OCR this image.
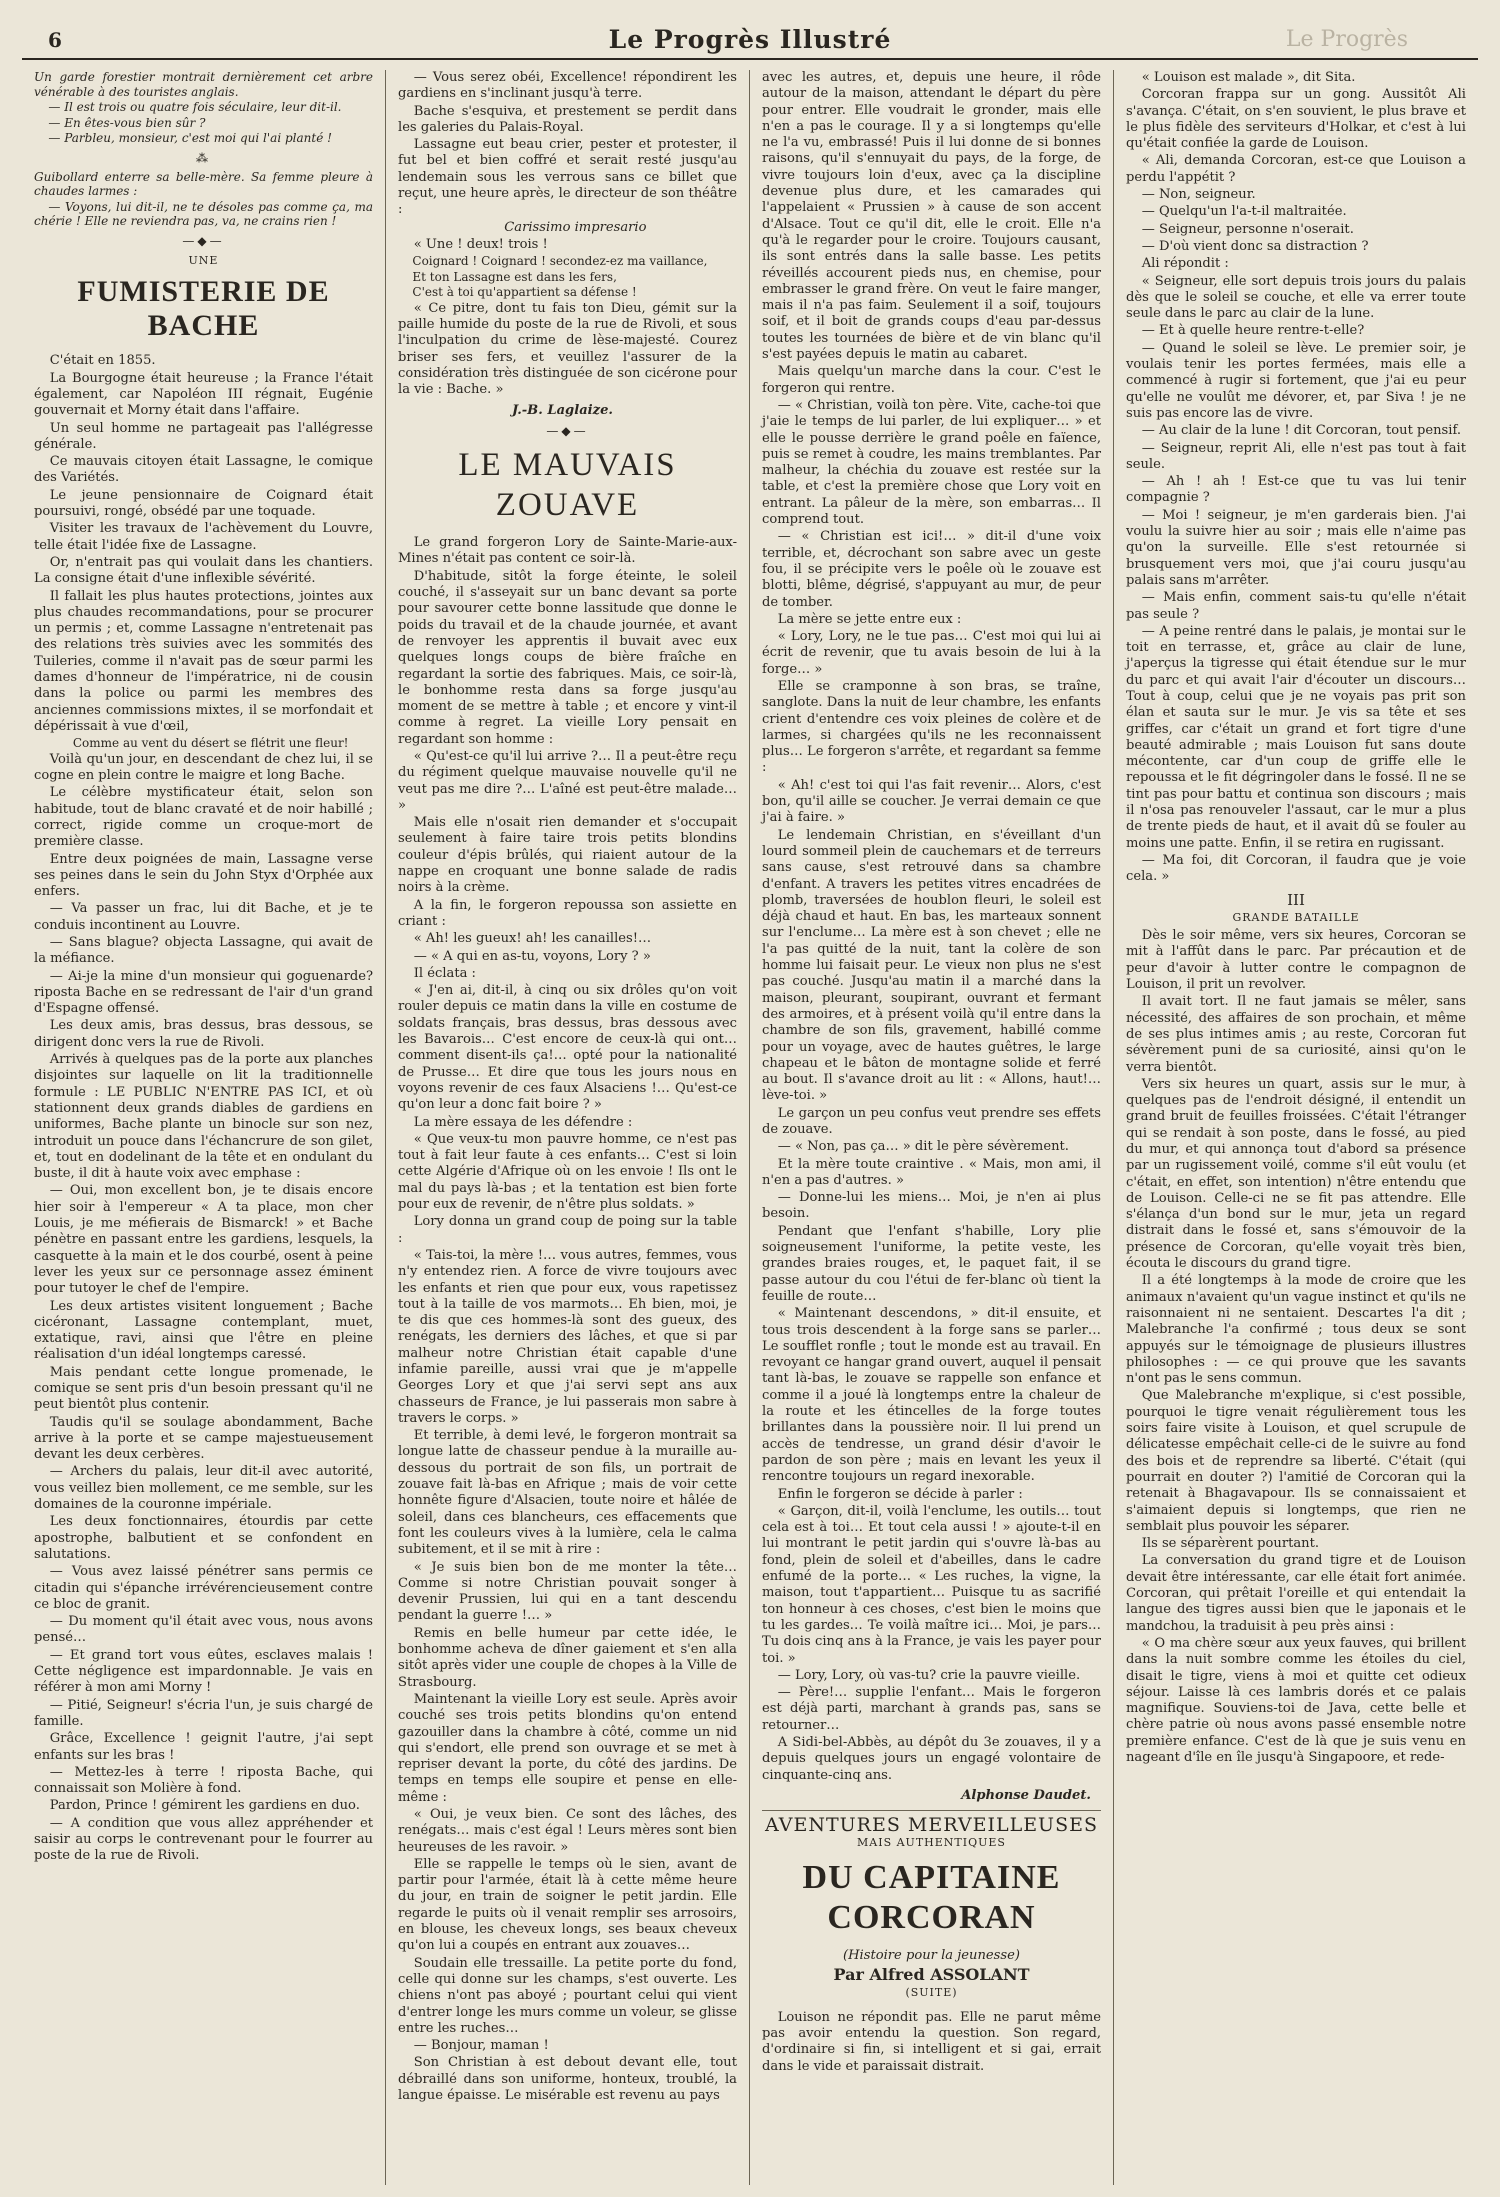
6	Le Progrès Illustré	Le Progrès

Un garde forestier montrait dernièrement cet arbre vénérable à des touristes anglais.

— Il est trois ou quatre fois séculaire, leur dit-il.

— En êtes-vous bien sûr ?

— Parbleu, monsieur, c'est moi qui l'ai planté !

⁂

Guibollard enterre sa belle-mère. Sa femme pleure à chaudes larmes :

— Voyons, lui dit-il, ne te désoles pas comme ça, ma chérie ! Elle ne reviendra pas, va, ne crains rien !

—◆—
UNE
FUMISTERIE DE BACHE

C'était en 1855.

La Bourgogne était heureuse ; la France l'était également, car Napoléon III régnait, Eugénie gouvernait et Morny était dans l'affaire.

Un seul homme ne partageait pas l'allégresse générale.

Ce mauvais citoyen était Lassagne, le comique des Variétés.

Le jeune pensionnaire de Coignard était poursuivi, rongé, obsédé par une toquade.

Visiter les travaux de l'achèvement du Louvre, telle était l'idée fixe de Lassagne.

Or, n'entrait pas qui voulait dans les chantiers. La consigne était d'une inflexible sévérité.

Il fallait les plus hautes protections, jointes aux plus chaudes recommandations, pour se procurer un permis ; et, comme Lassagne n'entretenait pas des relations très suivies avec les sommités des Tuileries, comme il n'avait pas de sœur parmi les dames d'honneur de l'impératrice, ni de cousin dans la police ou parmi les membres des anciennes commissions mixtes, il se morfondait et dépérissait à vue d'œil,

Comme au vent du désert se flétrit une fleur!

Voilà qu'un jour, en descendant de chez lui, il se cogne en plein contre le maigre et long Bache.

Le célèbre mystificateur était, selon son habitude, tout de blanc cravaté et de noir habillé ; correct, rigide comme un croque-mort de première classe.

Entre deux poignées de main, Lassagne verse ses peines dans le sein du John Styx d'Orphée aux enfers.

— Va passer un frac, lui dit Bache, et je te conduis incontinent au Louvre.

— Sans blague? objecta Lassagne, qui avait de la méfiance.

— Ai-je la mine d'un monsieur qui goguenarde? riposta Bache en se redressant de l'air d'un grand d'Espagne offensé.

Les deux amis, bras dessus, bras dessous, se dirigent donc vers la rue de Rivoli.

Arrivés à quelques pas de la porte aux planches disjointes sur laquelle on lit la traditionnelle formule : LE PUBLIC N'ENTRE PAS ICI, et où stationnent deux grands diables de gardiens en uniformes, Bache plante un binocle sur son nez, introduit un pouce dans l'échancrure de son gilet, et, tout en dodelinant de la tête et en ondulant du buste, il dit à haute voix avec emphase :

— Oui, mon excellent bon, je te disais encore hier soir à l'empereur « A ta place, mon cher Louis, je me méfierais de Bismarck! » et Bache pénètre en passant entre les gardiens, lesquels, la casquette à la main et le dos courbé, osent à peine lever les yeux sur ce personnage assez éminent pour tutoyer le chef de l'empire.

Les deux artistes visitent longuement ; Bache cicéronant, Lassagne contemplant, muet, extatique, ravi, ainsi que l'être en pleine réalisation d'un idéal longtemps caressé.

Mais pendant cette longue promenade, le comique se sent pris d'un besoin pressant qu'il ne peut bientôt plus contenir.

Taudis qu'il se soulage abondamment, Bache arrive à la porte et se campe majestueusement devant les deux cerbères.

— Archers du palais, leur dit-il avec autorité, vous veillez bien mollement, ce me semble, sur les domaines de la couronne impériale.

Les deux fonctionnaires, étourdis par cette apostrophe, balbutient et se confondent en salutations.

— Vous avez laissé pénétrer sans permis ce citadin qui s'épanche irrévérencieusement contre ce bloc de granit.

— Du moment qu'il était avec vous, nous avons pensé…

— Et grand tort vous eûtes, esclaves malais ! Cette négligence est impardonnable. Je vais en référer à mon ami Morny !

— Pitié, Seigneur! s'écria l'un, je suis chargé de famille.

Grâce, Excellence ! geignit l'autre, j'ai sept enfants sur les bras !

— Mettez-les à terre ! riposta Bache, qui connaissait son Molière à fond.

Pardon, Prince ! gémirent les gardiens en duo.

— A condition que vous allez appréhender et saisir au corps le contrevenant pour le fourrer au poste de la rue de Rivoli.

— Vous serez obéi, Excellence! répondirent les gardiens en s'inclinant jusqu'à terre.

Bache s'esquiva, et prestement se perdit dans les galeries du Palais-Royal.

Lassagne eut beau crier, pester et protester, il fut bel et bien coffré et serait resté jusqu'au lendemain sous les verrous sans ce billet que reçut, une heure après, le directeur de son théâtre :

Carissimo impresario

« Une ! deux! trois !

Coignard ! Coignard ! secondez-ez ma vaillance,

Et ton Lassagne est dans les fers,

C'est à toi qu'appartient sa défense !

« Ce pitre, dont tu fais ton Dieu, gémit sur la paille humide du poste de la rue de Rivoli, et sous l'inculpation du crime de lèse-majesté. Courez briser ses fers, et veuillez l'assurer de la considération très distinguée de son cicérone pour la vie : Bache. »

J.-B. Laglaize.
—◆—
LE MAUVAIS ZOUAVE

Le grand forgeron Lory de Sainte-Marie-aux-Mines n'était pas content ce soir-là.

D'habitude, sitôt la forge éteinte, le soleil couché, il s'asseyait sur un banc devant sa porte pour savourer cette bonne lassitude que donne le poids du travail et de la chaude journée, et avant de renvoyer les apprentis il buvait avec eux quelques longs coups de bière fraîche en regardant la sortie des fabriques. Mais, ce soir-là, le bonhomme resta dans sa forge jusqu'au moment de se mettre à table ; et encore y vint-il comme à regret. La vieille Lory pensait en regardant son homme :

« Qu'est-ce qu'il lui arrive ?… Il a peut-être reçu du régiment quelque mauvaise nouvelle qu'il ne veut pas me dire ?… L'aîné est peut-être malade… »

Mais elle n'osait rien demander et s'occupait seulement à faire taire trois petits blondins couleur d'épis brûlés, qui riaient autour de la nappe en croquant une bonne salade de radis noirs à la crème.

A la fin, le forgeron repoussa son assiette en criant :

« Ah! les gueux! ah! les canailles!…

— « A qui en as-tu, voyons, Lory ? »

Il éclata :

« J'en ai, dit-il, à cinq ou six drôles qu'on voit rouler depuis ce matin dans la ville en costume de soldats français, bras dessus, bras dessous avec les Bavarois… C'est encore de ceux-là qui ont… comment disent-ils ça!… opté pour la nationalité de Prusse… Et dire que tous les jours nous en voyons revenir de ces faux Alsaciens !… Qu'est-ce qu'on leur a donc fait boire ? »

La mère essaya de les défendre :

« Que veux-tu mon pauvre homme, ce n'est pas tout à fait leur faute à ces enfants… C'est si loin cette Algérie d'Afrique où on les envoie ! Ils ont le mal du pays là-bas ; et la tentation est bien forte pour eux de revenir, de n'être plus soldats. »

Lory donna un grand coup de poing sur la table :

« Tais-toi, la mère !… vous autres, femmes, vous n'y entendez rien. A force de vivre toujours avec les enfants et rien que pour eux, vous rapetissez tout à la taille de vos marmots… Eh bien, moi, je te dis que ces hommes-là sont des gueux, des renégats, les derniers des lâches, et que si par malheur notre Christian était capable d'une infamie pareille, aussi vrai que je m'appelle Georges Lory et que j'ai servi sept ans aux chasseurs de France, je lui passerais mon sabre à travers le corps. »

Et terrible, à demi levé, le forgeron montrait sa longue latte de chasseur pendue à la muraille au-dessous du portrait de son fils, un portrait de zouave fait là-bas en Afrique ; mais de voir cette honnête figure d'Alsacien, toute noire et hâlée de soleil, dans ces blancheurs, ces effacements que font les couleurs vives à la lumière, cela le calma subitement, et il se mit à rire :

« Je suis bien bon de me monter la tête… Comme si notre Christian pouvait songer à devenir Prussien, lui qui en a tant descendu pendant la guerre !… »

Remis en belle humeur par cette idée, le bonhomme acheva de dîner gaiement et s'en alla sitôt après vider une couple de chopes à la Ville de Strasbourg.

Maintenant la vieille Lory est seule. Après avoir couché ses trois petits blondins qu'on entend gazouiller dans la chambre à côté, comme un nid qui s'endort, elle prend son ouvrage et se met à repriser devant la porte, du côté des jardins. De temps en temps elle soupire et pense en elle-même :

« Oui, je veux bien. Ce sont des lâches, des renégats… mais c'est égal ! Leurs mères sont bien heureuses de les ravoir. »

Elle se rappelle le temps où le sien, avant de partir pour l'armée, était là à cette même heure du jour, en train de soigner le petit jardin. Elle regarde le puits où il venait remplir ses arrosoirs, en blouse, les cheveux longs, ses beaux cheveux qu'on lui a coupés en entrant aux zouaves…

Soudain elle tressaille. La petite porte du fond, celle qui donne sur les champs, s'est ouverte. Les chiens n'ont pas aboyé ; pourtant celui qui vient d'entrer longe les murs comme un voleur, se glisse entre les ruches…

— Bonjour, maman !

Son Christian à est debout devant elle, tout débraillé dans son uniforme, honteux, troublé, la langue épaisse. Le misérable est revenu au pays

avec les autres, et, depuis une heure, il rôde autour de la maison, attendant le départ du père pour entrer. Elle voudrait le gronder, mais elle n'en a pas le courage. Il y a si longtemps qu'elle ne l'a vu, embrassé! Puis il lui donne de si bonnes raisons, qu'il s'ennuyait du pays, de la forge, de vivre toujours loin d'eux, avec ça la discipline devenue plus dure, et les camarades qui l'appelaient « Prussien » à cause de son accent d'Alsace. Tout ce qu'il dit, elle le croit. Elle n'a qu'à le regarder pour le croire. Toujours causant, ils sont entrés dans la salle basse. Les petits réveillés accourent pieds nus, en chemise, pour embrasser le grand frère. On veut le faire manger, mais il n'a pas faim. Seulement il a soif, toujours soif, et il boit de grands coups d'eau par-dessus toutes les tournées de bière et de vin blanc qu'il s'est payées depuis le matin au cabaret.

Mais quelqu'un marche dans la cour. C'est le forgeron qui rentre.

— « Christian, voilà ton père. Vite, cache-toi que j'aie le temps de lui parler, de lui expliquer… » et elle le pousse derrière le grand poêle en faïence, puis se remet à coudre, les mains tremblantes. Par malheur, la chéchia du zouave est restée sur la table, et c'est la première chose que Lory voit en entrant. La pâleur de la mère, son embarras… Il comprend tout.

— « Christian est ici!… » dit-il d'une voix terrible, et, décrochant son sabre avec un geste fou, il se précipite vers le poêle où le zouave est blotti, blême, dégrisé, s'appuyant au mur, de peur de tomber.

La mère se jette entre eux :

« Lory, Lory, ne le tue pas… C'est moi qui lui ai écrit de revenir, que tu avais besoin de lui à la forge… »

Elle se cramponne à son bras, se traîne, sanglote. Dans la nuit de leur chambre, les enfants crient d'entendre ces voix pleines de colère et de larmes, si chargées qu'ils ne les reconnaissent plus… Le forgeron s'arrête, et regardant sa femme :

« Ah! c'est toi qui l'as fait revenir… Alors, c'est bon, qu'il aille se coucher. Je verrai demain ce que j'ai à faire. »

Le lendemain Christian, en s'éveillant d'un lourd sommeil plein de cauchemars et de terreurs sans cause, s'est retrouvé dans sa chambre d'enfant. A travers les petites vitres encadrées de plomb, traversées de houblon fleuri, le soleil est déjà chaud et haut. En bas, les marteaux sonnent sur l'enclume… La mère est à son chevet ; elle ne l'a pas quitté de la nuit, tant la colère de son homme lui faisait peur. Le vieux non plus ne s'est pas couché. Jusqu'au matin il a marché dans la maison, pleurant, soupirant, ouvrant et fermant des armoires, et à présent voilà qu'il entre dans la chambre de son fils, gravement, habillé comme pour un voyage, avec de hautes guêtres, le large chapeau et le bâton de montagne solide et ferré au bout. Il s'avance droit au lit : « Allons, haut!… lève-toi. »

Le garçon un peu confus veut prendre ses effets de zouave.

— « Non, pas ça… » dit le père sévèrement.

Et la mère toute craintive . « Mais, mon ami, il n'en a pas d'autres. »

— Donne-lui les miens… Moi, je n'en ai plus besoin.

Pendant que l'enfant s'habille, Lory plie soigneusement l'uniforme, la petite veste, les grandes braies rouges, et, le paquet fait, il se passe autour du cou l'étui de fer-blanc où tient la feuille de route…

« Maintenant descendons, » dit-il ensuite, et tous trois descendent à la forge sans se parler… Le soufflet ronfle ; tout le monde est au travail. En revoyant ce hangar grand ouvert, auquel il pensait tant là-bas, le zouave se rappelle son enfance et comme il a joué là longtemps entre la chaleur de la route et les étincelles de la forge toutes brillantes dans la poussière noir. Il lui prend un accès de tendresse, un grand désir d'avoir le pardon de son père ; mais en levant les yeux il rencontre toujours un regard inexorable.

Enfin le forgeron se décide à parler :

« Garçon, dit-il, voilà l'enclume, les outils… tout cela est à toi… Et tout cela aussi ! » ajoute-t-il en lui montrant le petit jardin qui s'ouvre là-bas au fond, plein de soleil et d'abeilles, dans le cadre enfumé de la porte… « Les ruches, la vigne, la maison, tout t'appartient… Puisque tu as sacrifié ton honneur à ces choses, c'est bien le moins que tu les gardes… Te voilà maître ici… Moi, je pars… Tu dois cinq ans à la France, je vais les payer pour toi. »

— Lory, Lory, où vas-tu? crie la pauvre vieille.

— Père!… supplie l'enfant… Mais le forgeron est déjà parti, marchant à grands pas, sans se retourner…

A Sidi-bel-Abbès, au dépôt du 3e zouaves, il y a depuis quelques jours un engagé volontaire de cinquante-cinq ans.

Alphonse Daudet.
AVENTURES MERVEILLEUSES
MAIS AUTHENTIQUES
DU CAPITAINE CORCORAN
(Histoire pour la jeunesse)
Par Alfred ASSOLANT
(SUITE)

Louison ne répondit pas. Elle ne parut même pas avoir entendu la question. Son regard, d'ordinaire si fin, si intelligent et si gai, errait dans le vide et paraissait distrait.

« Louison est malade », dit Sita.

Corcoran frappa sur un gong. Aussitôt Ali s'avança. C'était, on s'en souvient, le plus brave et le plus fidèle des serviteurs d'Holkar, et c'est à lui qu'était confiée la garde de Louison.

« Ali, demanda Corcoran, est-ce que Louison a perdu l'appétit ?

— Non, seigneur.

— Quelqu'un l'a-t-il maltraitée.

— Seigneur, personne n'oserait.

— D'où vient donc sa distraction ?

Ali répondit :

« Seigneur, elle sort depuis trois jours du palais dès que le soleil se couche, et elle va errer toute seule dans le parc au clair de la lune.

— Et à quelle heure rentre-t-elle?

— Quand le soleil se lève. Le premier soir, je voulais tenir les portes fermées, mais elle a commencé à rugir si fortement, que j'ai eu peur qu'elle ne voulût me dévorer, et, par Siva ! je ne suis pas encore las de vivre.

— Au clair de la lune ! dit Corcoran, tout pensif.

— Seigneur, reprit Ali, elle n'est pas tout à fait seule.

— Ah ! ah ! Est-ce que tu vas lui tenir compagnie ?

— Moi ! seigneur, je m'en garderais bien. J'ai voulu la suivre hier au soir ; mais elle n'aime pas qu'on la surveille. Elle s'est retournée si brusquement vers moi, que j'ai couru jusqu'au palais sans m'arrêter.

— Mais enfin, comment sais-tu qu'elle n'était pas seule ?

— A peine rentré dans le palais, je montai sur le toit en terrasse, et, grâce au clair de lune, j'aperçus la tigresse qui était étendue sur le mur du parc et qui avait l'air d'écouter un discours… Tout à coup, celui que je ne voyais pas prit son élan et sauta sur le mur. Je vis sa tête et ses griffes, car c'était un grand et fort tigre d'une beauté admirable ; mais Louison fut sans doute mécontente, car d'un coup de griffe elle le repoussa et le fit dégringoler dans le fossé. Il ne se tint pas pour battu et continua son discours ; mais il n'osa pas renouveler l'assaut, car le mur a plus de trente pieds de haut, et il avait dû se fouler au moins une patte. Enfin, il se retira en rugissant.

— Ma foi, dit Corcoran, il faudra que je voie cela. »

III
GRANDE BATAILLE

Dès le soir même, vers six heures, Corcoran se mit à l'affût dans le parc. Par précaution et de peur d'avoir à lutter contre le compagnon de Louison, il prit un revolver.

Il avait tort. Il ne faut jamais se mêler, sans nécessité, des affaires de son prochain, et même de ses plus intimes amis ; au reste, Corcoran fut sévèrement puni de sa curiosité, ainsi qu'on le verra bientôt.

Vers six heures un quart, assis sur le mur, à quelques pas de l'endroit désigné, il entendit un grand bruit de feuilles froissées. C'était l'étranger qui se rendait à son poste, dans le fossé, au pied du mur, et qui annonça tout d'abord sa présence par un rugissement voilé, comme s'il eût voulu (et c'était, en effet, son intention) n'être entendu que de Louison. Celle-ci ne se fit pas attendre. Elle s'élança d'un bond sur le mur, jeta un regard distrait dans le fossé et, sans s'émouvoir de la présence de Corcoran, qu'elle voyait très bien, écouta le discours du grand tigre.

Il a été longtemps à la mode de croire que les animaux n'avaient qu'un vague instinct et qu'ils ne raisonnaient ni ne sentaient. Descartes l'a dit ; Malebranche l'a confirmé ; tous deux se sont appuyés sur le témoignage de plusieurs illustres philosophes : — ce qui prouve que les savants n'ont pas le sens commun.

Que Malebranche m'explique, si c'est possible, pourquoi le tigre venait régulièrement tous les soirs faire visite à Louison, et quel scrupule de délicatesse empêchait celle-ci de le suivre au fond des bois et de reprendre sa liberté. C'était (qui pourrait en douter ?) l'amitié de Corcoran qui la retenait à Bhagavapour. Ils se connaissaient et s'aimaient depuis si longtemps, que rien ne semblait plus pouvoir les séparer.

Ils se séparèrent pourtant.

La conversation du grand tigre et de Louison devait être intéressante, car elle était fort animée. Corcoran, qui prêtait l'oreille et qui entendait la langue des tigres aussi bien que le japonais et le mandchou, la traduisit à peu près ainsi :

« O ma chère sœur aux yeux fauves, qui brillent dans la nuit sombre comme les étoiles du ciel, disait le tigre, viens à moi et quitte cet odieux séjour. Laisse là ces lambris dorés et ce palais magnifique. Souviens-toi de Java, cette belle et chère patrie où nous avons passé ensemble notre première enfance. C'est de là que je suis venu en nageant d'île en île jusqu'à Singapoore, et rede-
